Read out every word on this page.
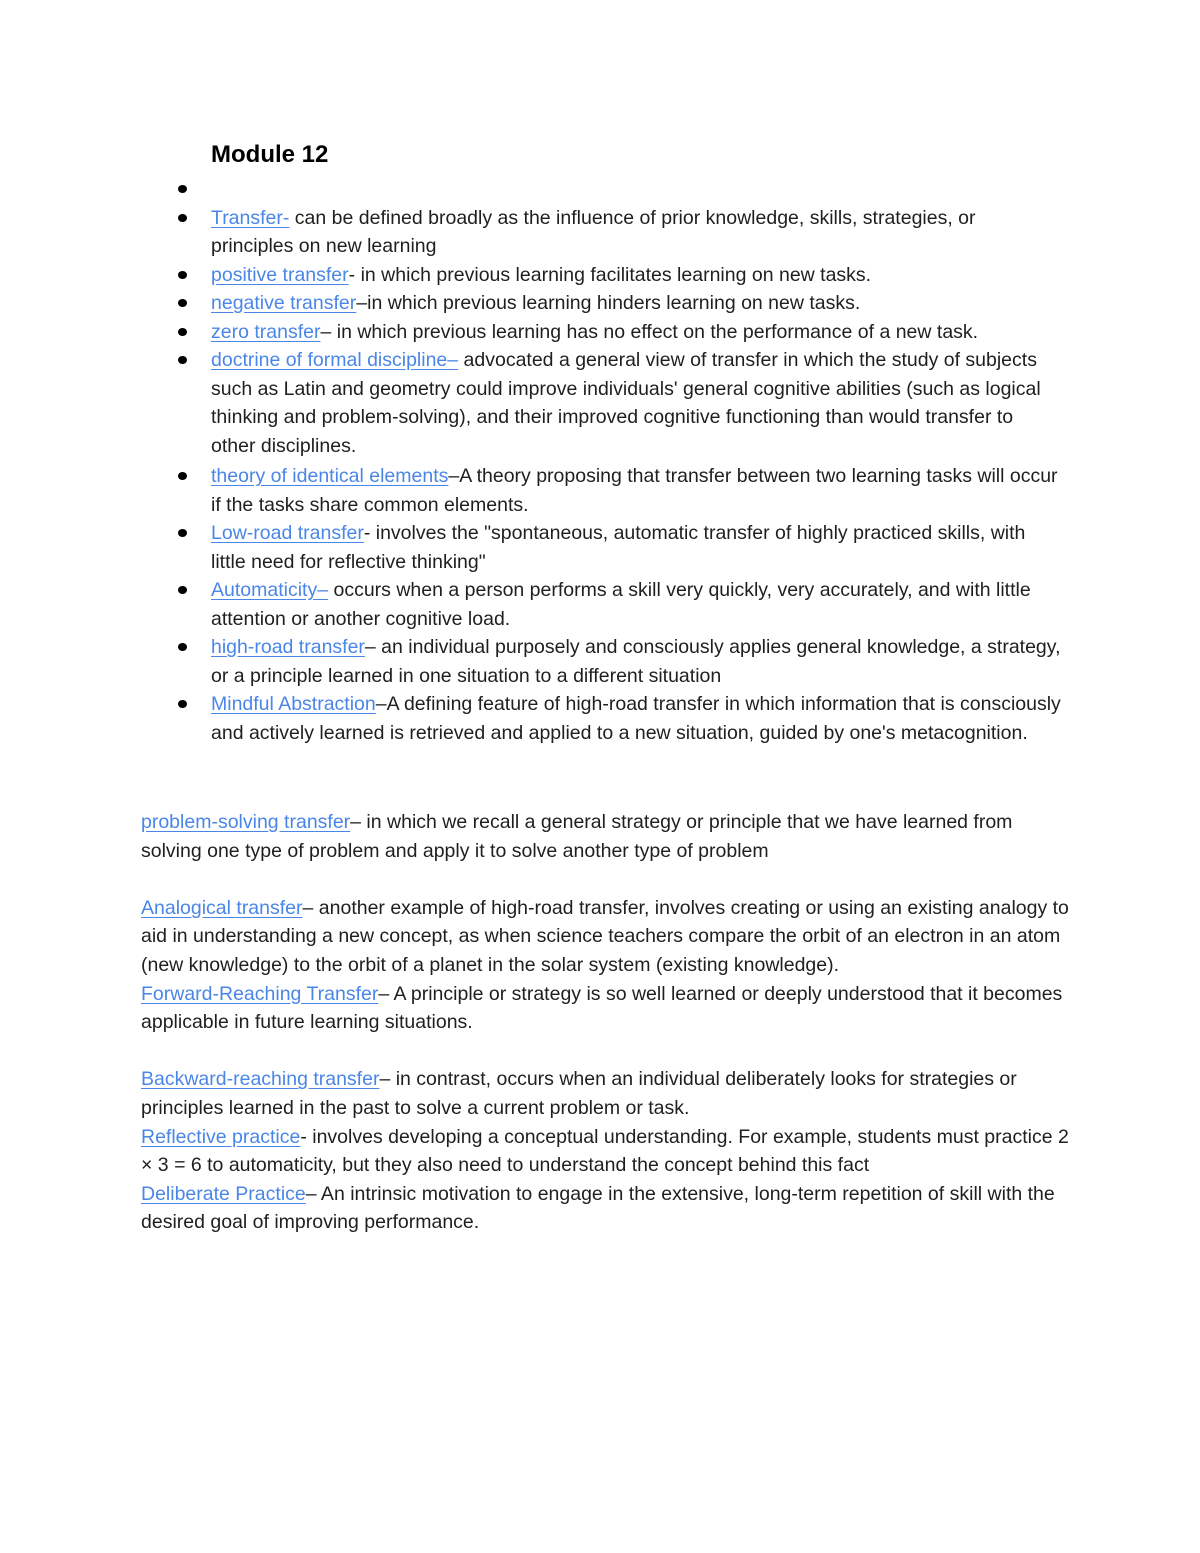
Module 12
Transfer- can be defined broadly as the influence of prior knowledge, skills, strategies, or principles on new learning
positive transfer- in which previous learning facilitates learning on new tasks.
negative transfer–in which previous learning hinders learning on new tasks.
zero transfer– in which previous learning has no effect on the performance of a new task.
doctrine of formal discipline– advocated a general view of transfer in which the study of subjects such as Latin and geometry could improve individuals' general cognitive abilities (such as logical thinking and problem-solving), and their improved cognitive functioning than would transfer to other disciplines.
theory of identical elements–A theory proposing that transfer between two learning tasks will occur if the tasks share common elements.
Low-road transfer- involves the "spontaneous, automatic transfer of highly practiced skills, with little need for reflective thinking"
Automaticity– occurs when a person performs a skill very quickly, very accurately, and with little attention or another cognitive load.
high-road transfer– an individual purposely and consciously applies general knowledge, a strategy, or a principle learned in one situation to a different situation
Mindful Abstraction–A defining feature of high-road transfer in which information that is consciously and actively learned is retrieved and applied to a new situation, guided by one's metacognition.

problem-solving transfer– in which we recall a general strategy or principle that we have learned from solving one type of problem and apply it to solve another type of problem

Analogical transfer– another example of high-road transfer, involves creating or using an existing analogy to aid in understanding a new concept, as when science teachers compare the orbit of an electron in an atom (new knowledge) to the orbit of a planet in the solar system (existing knowledge).

Forward-Reaching Transfer– A principle or strategy is so well learned or deeply understood that it becomes applicable in future learning situations.

Backward-reaching transfer– in contrast, occurs when an individual deliberately looks for strategies or principles learned in the past to solve a current problem or task.

Reflective practice- involves developing a conceptual understanding. For example, students must practice 2 × 3 = 6 to automaticity, but they also need to understand the concept behind this fact

Deliberate Practice– An intrinsic motivation to engage in the extensive, long-term repetition of skill with the desired goal of improving performance.
